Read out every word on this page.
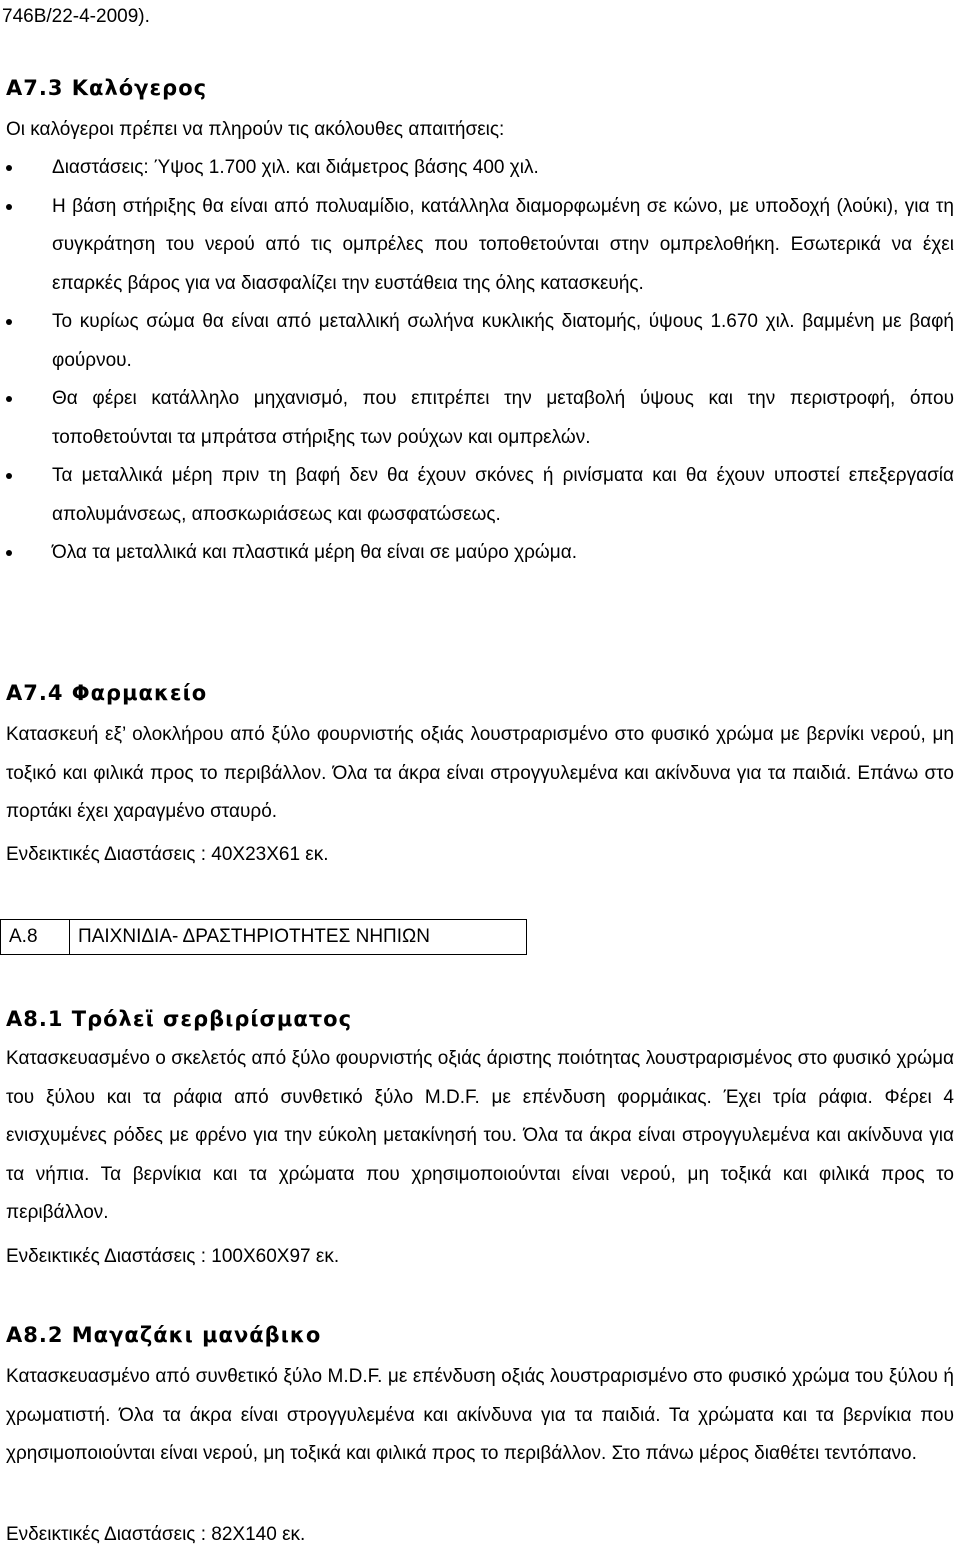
746Β/22-4-2009).
Α7.3 Καλόγερος
Οι καλόγεροι πρέπει να πληρούν τις ακόλουθες απαιτήσεις:
Διαστάσεις: Ύψος 1.700 χιλ. και διάμετρος βάσης 400 χιλ.
Η βάση στήριξης θα είναι από πολυαμίδιο, κατάλληλα διαμορφωμένη σε κώνο, με υποδοχή (λούκι), για τη συγκράτηση του νερού από τις ομπρέλες που τοποθετούνται στην ομπρελοθήκη. Εσωτερικά να έχει επαρκές βάρος για να διασφαλίζει την ευστάθεια της όλης κατασκευής.
Το κυρίως σώμα θα είναι από μεταλλική σωλήνα κυκλικής διατομής, ύψους 1.670 χιλ. βαμμένη με βαφή φούρνου.
Θα φέρει κατάλληλο μηχανισμό, που επιτρέπει την μεταβολή ύψους και την περιστροφή, όπου τοποθετούνται τα μπράτσα στήριξης των ρούχων και ομπρελών.
Τα μεταλλικά μέρη πριν τη βαφή δεν θα έχουν σκόνες ή ρινίσματα και θα έχουν υποστεί επεξεργασία απολυμάνσεως, αποσκωριάσεως και φωσφατώσεως.
Όλα τα μεταλλικά και πλαστικά μέρη θα είναι σε μαύρο χρώμα.
Α7.4 Φαρμακείο
Κατασκευή εξ’ ολοκλήρου από ξύλο φουρνιστής οξιάς λουστραρισμένο στο φυσικό χρώμα με βερνίκι νερού, μη τοξικό και φιλικά προς το περιβάλλον. Όλα τα άκρα είναι στρογγυλεμένα και ακίνδυνα για τα παιδιά. Επάνω στο πορτάκι έχει χαραγμένο σταυρό.
Ενδεικτικές Διαστάσεις : 40Χ23Χ61 εκ.
Α.8	ΠΑΙΧΝΙΔΙΑ- ΔΡΑΣΤΗΡΙΟΤΗΤΕΣ ΝΗΠΙΩΝ
Α8.1 Τρόλεϊ σερβιρίσματος
Κατασκευασμένο ο σκελετός από ξύλο φουρνιστής οξιάς άριστης ποιότητας λουστραρισμένος στο φυσικό χρώμα του ξύλου και τα ράφια από συνθετικό ξύλο M.D.F. με επένδυση φορμάικας. Έχει τρία ράφια. Φέρει 4 ενισχυμένες ρόδες με φρένο για την εύκολη μετακίνησή του. Όλα τα άκρα είναι στρογγυλεμένα και ακίνδυνα για τα νήπια. Τα βερνίκια και τα χρώματα που χρησιμοποιούνται είναι νερού, μη τοξικά και φιλικά προς το περιβάλλον.
Ενδεικτικές Διαστάσεις : 100Χ60Χ97 εκ.
Α8.2 Μαγαζάκι μανάβικο
Κατασκευασμένο από συνθετικό ξύλο M.D.F. με επένδυση οξιάς λουστραρισμένο στο φυσικό χρώμα του ξύλου ή χρωματιστή. Όλα τα άκρα είναι στρογγυλεμένα και ακίνδυνα για τα παιδιά. Τα χρώματα και τα βερνίκια που χρησιμοποιούνται είναι νερού, μη τοξικά και φιλικά προς το περιβάλλον. Στο πάνω μέρος διαθέτει τεντόπανο.
Ενδεικτικές Διαστάσεις : 82Χ140 εκ.
